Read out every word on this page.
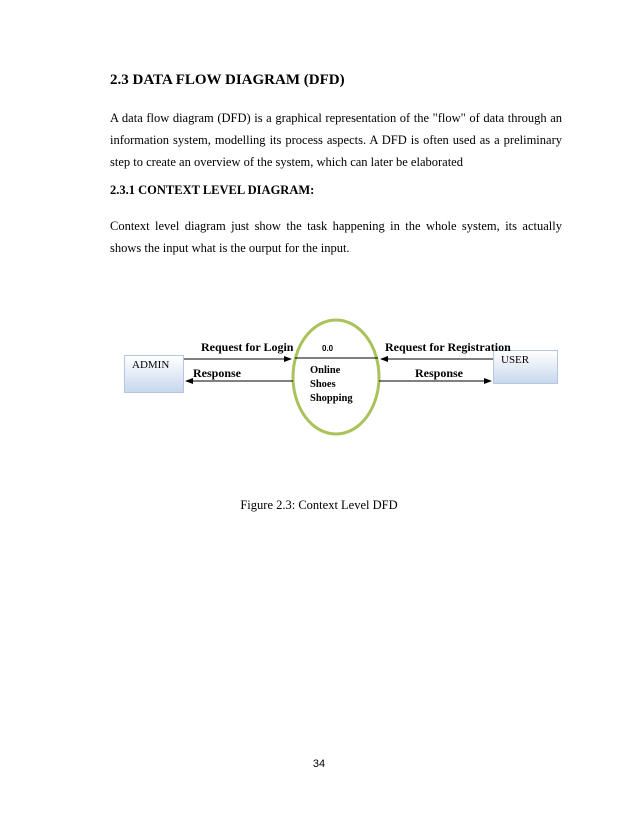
2.3 DATA FLOW DIAGRAM (DFD)

A data flow diagram (DFD) is a graphical representation of the "flow" of data through an information system, modelling its process aspects. A DFD is often used as a preliminary step to create an overview of the system, which can later be elaborated

2.3.1 CONTEXT LEVEL DIAGRAM:

Context level diagram just show the task happening in the whole system, its actually shows the input what is the ourput for the input.

ADMIN	USER
Request for Login
Response
Request for Registration
Response
0.0

Online
Shoes
Shopping

Figure 2.3: Context Level DFD

34
